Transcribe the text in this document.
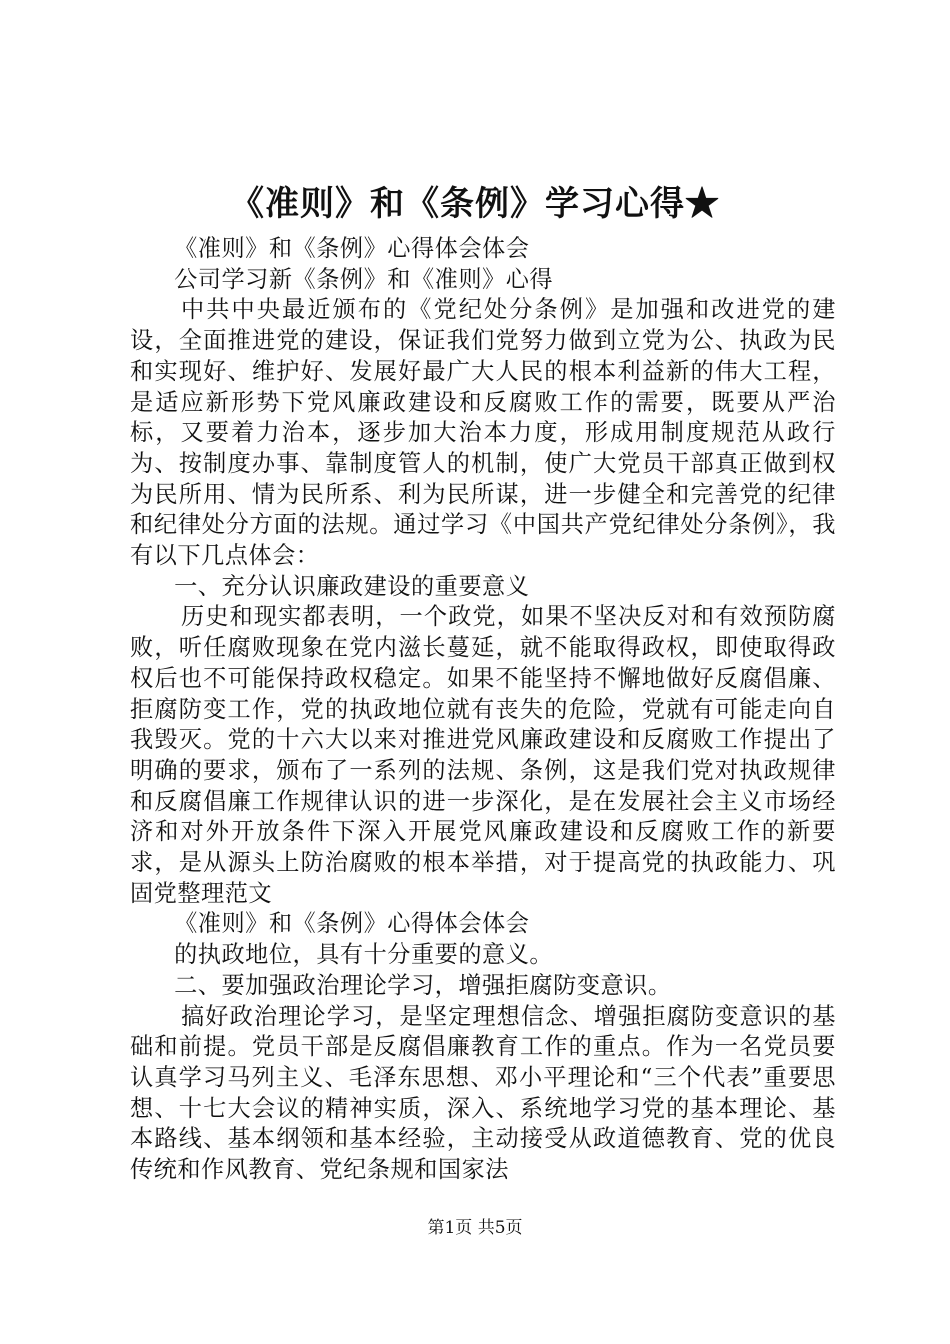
《准则》和《条例》学习心得★

《准则》和《条例》心得体会体会

公司学习新《条例》和《准则》心得

中共中央最近颁布的《党纪处分条例》是加强和改进党的建设，全面推进党的建设，保证我们党努力做到立党为公、执政为民和实现好、维护好、发展好最广大人民的根本利益新的伟大工程，是适应新形势下党风廉政建设和反腐败工作的需要，既要从严治标，又要着力治本，逐步加大治本力度，形成用制度规范从政行为、按制度办事、靠制度管人的机制，使广大党员干部真正做到权为民所用、情为民所系、利为民所谋，进一步健全和完善党的纪律和纪律处分方面的法规。通过学习《中国共产党纪律处分条例》，我有以下几点体会：

一、充分认识廉政建设的重要意义

历史和现实都表明，一个政党，如果不坚决反对和有效预防腐败，听任腐败现象在党内滋长蔓延，就不能取得政权，即使取得政权后也不可能保持政权稳定。如果不能坚持不懈地做好反腐倡廉、拒腐防变工作，党的执政地位就有丧失的危险，党就有可能走向自我毁灭。党的十六大以来对推进党风廉政建设和反腐败工作提出了明确的要求，颁布了一系列的法规、条例，这是我们党对执政规律和反腐倡廉工作规律认识的进一步深化，是在发展社会主义市场经济和对外开放条件下深入开展党风廉政建设和反腐败工作的新要求，是从源头上防治腐败的根本举措，对于提高党的执政能力、巩固党整理范文

《准则》和《条例》心得体会体会

的执政地位，具有十分重要的意义。

二、要加强政治理论学习，增强拒腐防变意识。

搞好政治理论学习，是坚定理想信念、增强拒腐防变意识的基础和前提。党员干部是反腐倡廉教育工作的重点。作为一名党员要认真学习马列主义、毛泽东思想、邓小平理论和“三个代表”重要思想、十七大会议的精神实质，深入、系统地学习党的基本理论、基本路线、基本纲领和基本经验，主动接受从政道德教育、党的优良传统和作风教育、党纪条规和国家法

第1页 共5页
